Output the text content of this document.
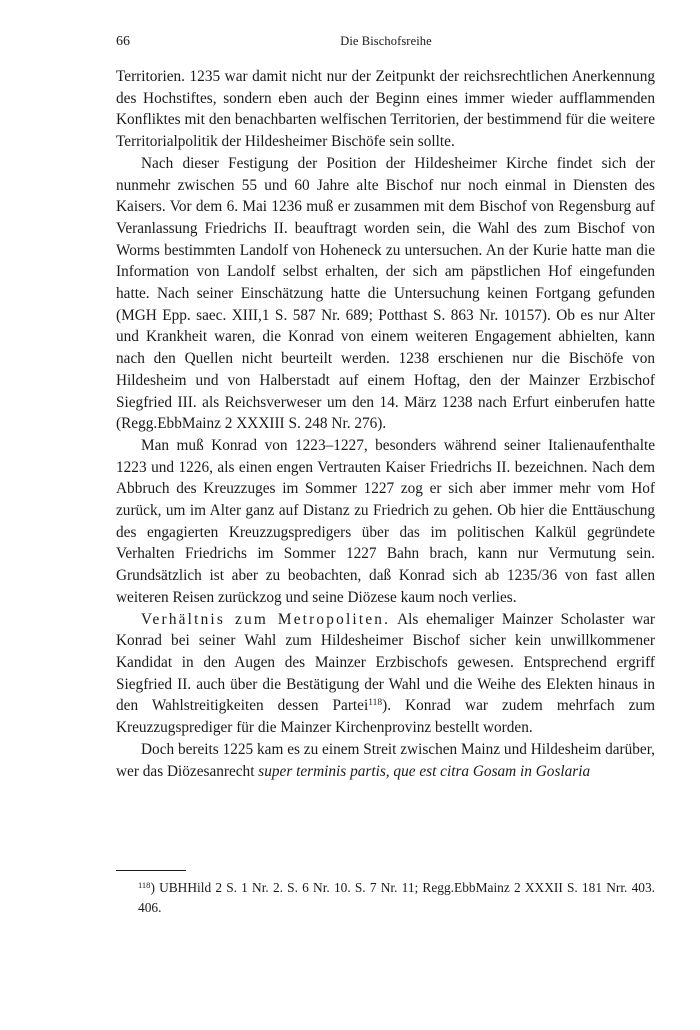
66	Die Bischofsreihe

Territorien. 1235 war damit nicht nur der Zeitpunkt der reichsrechtlichen Anerkennung des Hochstiftes, sondern eben auch der Beginn eines immer wieder aufflammenden Konfliktes mit den benachbarten welfischen Territorien, der bestimmend für die weitere Territorialpolitik der Hildesheimer Bischöfe sein sollte.

Nach dieser Festigung der Position der Hildesheimer Kirche findet sich der nunmehr zwischen 55 und 60 Jahre alte Bischof nur noch einmal in Diensten des Kaisers. Vor dem 6. Mai 1236 muß er zusammen mit dem Bischof von Regensburg auf Veranlassung Friedrichs II. beauftragt worden sein, die Wahl des zum Bischof von Worms bestimmten Landolf von Hoheneck zu untersuchen. An der Kurie hatte man die Information von Landolf selbst erhalten, der sich am päpstlichen Hof eingefunden hatte. Nach seiner Einschätzung hatte die Untersuchung keinen Fortgang gefunden (MGH Epp. saec. XIII,1 S. 587 Nr. 689; Potthast S. 863 Nr. 10157). Ob es nur Alter und Krankheit waren, die Konrad von einem weiteren Engagement abhielten, kann nach den Quellen nicht beurteilt werden. 1238 erschienen nur die Bischöfe von Hildesheim und von Halberstadt auf einem Hoftag, den der Mainzer Erzbischof Siegfried III. als Reichsverweser um den 14. März 1238 nach Erfurt einberufen hatte (Regg.EbbMainz 2 XXXIII S. 248 Nr. 276).

Man muß Konrad von 1223–1227, besonders während seiner Italienaufenthalte 1223 und 1226, als einen engen Vertrauten Kaiser Friedrichs II. bezeichnen. Nach dem Abbruch des Kreuzzuges im Sommer 1227 zog er sich aber immer mehr vom Hof zurück, um im Alter ganz auf Distanz zu Friedrich zu gehen. Ob hier die Enttäuschung des engagierten Kreuzzugspredigers über das im politischen Kalkül gegründete Verhalten Friedrichs im Sommer 1227 Bahn brach, kann nur Vermutung sein. Grundsätzlich ist aber zu beobachten, daß Konrad sich ab 1235/36 von fast allen weiteren Reisen zurückzog und seine Diözese kaum noch verlies.

Verhältnis zum Metropoliten. Als ehemaliger Mainzer Scholaster war Konrad bei seiner Wahl zum Hildesheimer Bischof sicher kein unwillkommener Kandidat in den Augen des Mainzer Erzbischofs gewesen. Entsprechend ergriff Siegfried II. auch über die Bestätigung der Wahl und die Weihe des Elekten hinaus in den Wahlstreitigkeiten dessen Partei$^{118}$). Konrad war zudem mehrfach zum Kreuzzugsprediger für die Mainzer Kirchenprovinz bestellt worden.

Doch bereits 1225 kam es zu einem Streit zwischen Mainz und Hildesheim darüber, wer das Diözesanrecht super terminis partis, que est citra Gosam in Goslaria

$^{118}$) UBHHild 2 S. 1 Nr. 2. S. 6 Nr. 10. S. 7 Nr. 11; Regg.EbbMainz 2 XXXII S. 181 Nrr. 403. 406.
